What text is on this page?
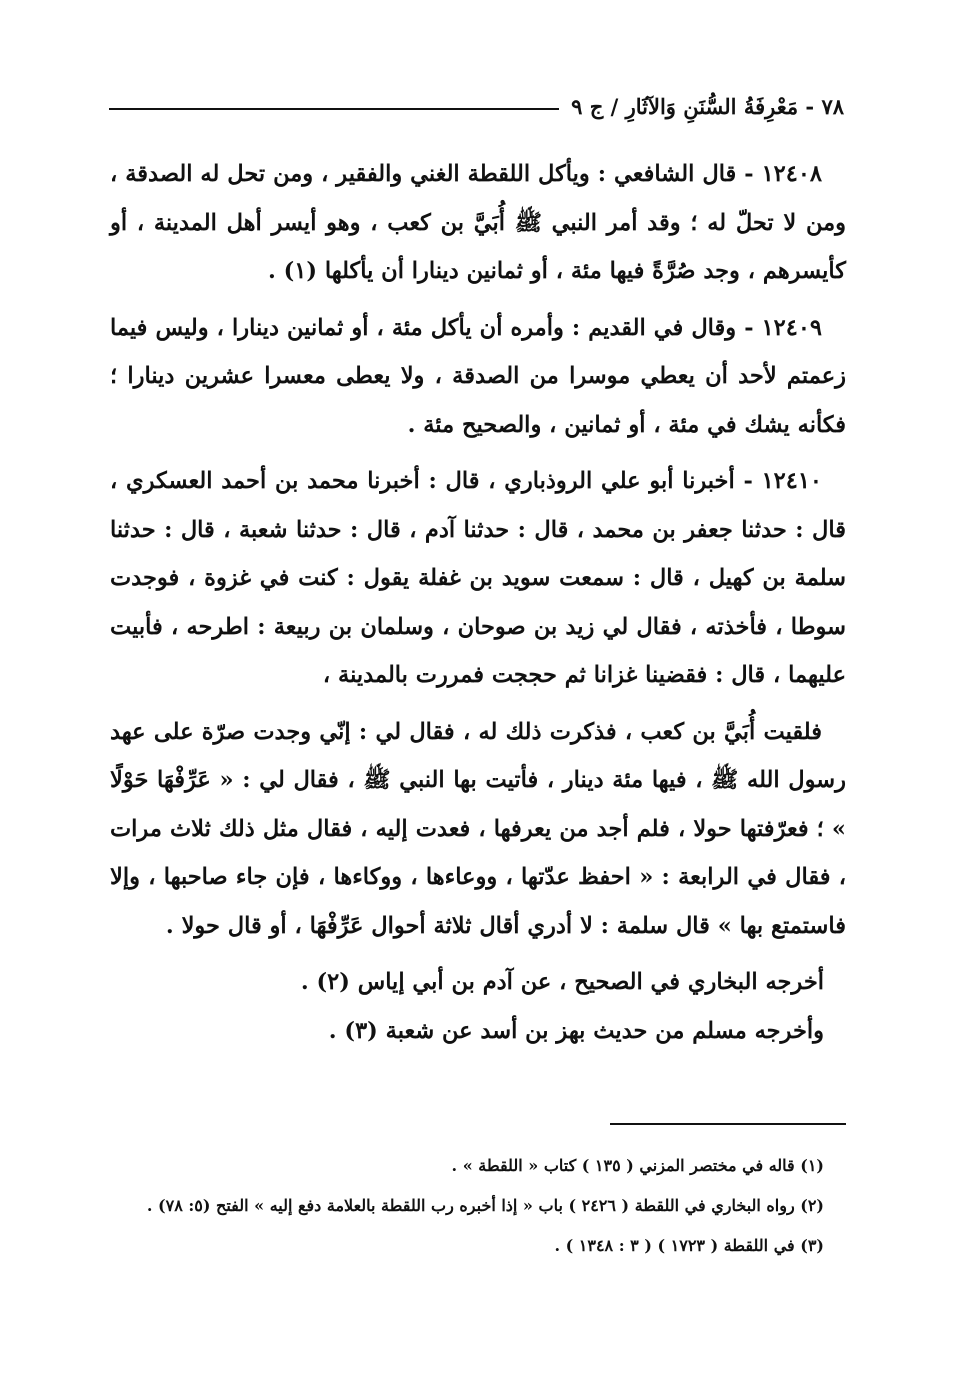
٧٨ - مَعْرِفَةُ السُّنَنِ وَالآثَارِ / ج ٩

١٢٤٠٨ - قال الشافعي : ويأكل اللقطة الغني والفقير ، ومن تحل له الصدقة ، ومن لا تحلّ له ؛ وقد أمر النبي ﷺ أُبَيَّ بن كعب ، وهو أيسر أهل المدينة ، أو كأيسرهم ، وجد صُرَّةً فيها مئة ، أو ثمانين دينارا أن يأكلها (١) .

١٢٤٠٩ - وقال في القديم : وأمره أن يأكل مئة ، أو ثمانين دينارا ، وليس فيما زعمتم لأحد أن يعطي موسرا من الصدقة ، ولا يعطى معسرا عشرين دينارا ؛ فكأنه يشك في مئة ، أو ثمانين ، والصحيح مئة .

١٢٤١٠ - أخبرنا أبو علي الروذباري ، قال : أخبرنا محمد بن أحمد العسكري ، قال : حدثنا جعفر بن محمد ، قال : حدثنا آدم ، قال : حدثنا شعبة ، قال : حدثنا سلمة بن كهيل ، قال : سمعت سويد بن غفلة يقول : كنت في غزوة ، فوجدت سوطا ، فأخذته ، فقال لي زيد بن صوحان ، وسلمان بن ربيعة : اطرحه ، فأبيت عليهما ، قال : فقضينا غزانا ثم حججت فمررت بالمدينة ،

فلقيت أُبَيَّ بن كعب ، فذكرت ذلك له ، فقال لي : إنّي وجدت صرّة على عهد رسول الله ﷺ ، فيها مئة دينار ، فأتيت بها النبي ﷺ ، فقال لي : « عَرِّفْهَا حَوْلًا » ؛ فعرّفتها حولا ، فلم أجد من يعرفها ، فعدت إليه ، فقال مثل ذلك ثلاث مرات ، فقال في الرابعة : « احفظ عدّتها ، ووعاءها ، ووكاءها ، فإن جاء صاحبها ، وإلا فاستمتع بها » قال سلمة : لا أدري أقال ثلاثة أحوال عَرِّفْهَا ، أو قال حولا .

أخرجه البخاري في الصحيح ، عن آدم بن أبي إياس (٢) .

وأخرجه مسلم من حديث بهز بن أسد عن شعبة (٣) .

(١) قاله في مختصر المزني ( ١٣٥ ) كتاب « اللقطة » .

(٢) رواه البخاري في اللقطة ( ٢٤٢٦ ) باب « إذا أخبره رب اللقطة بالعلامة دفع إليه » الفتح (٥: ٧٨) .

(٣) في اللقطة ( ١٧٢٣ ) ( ٣ : ١٣٤٨ ) .
